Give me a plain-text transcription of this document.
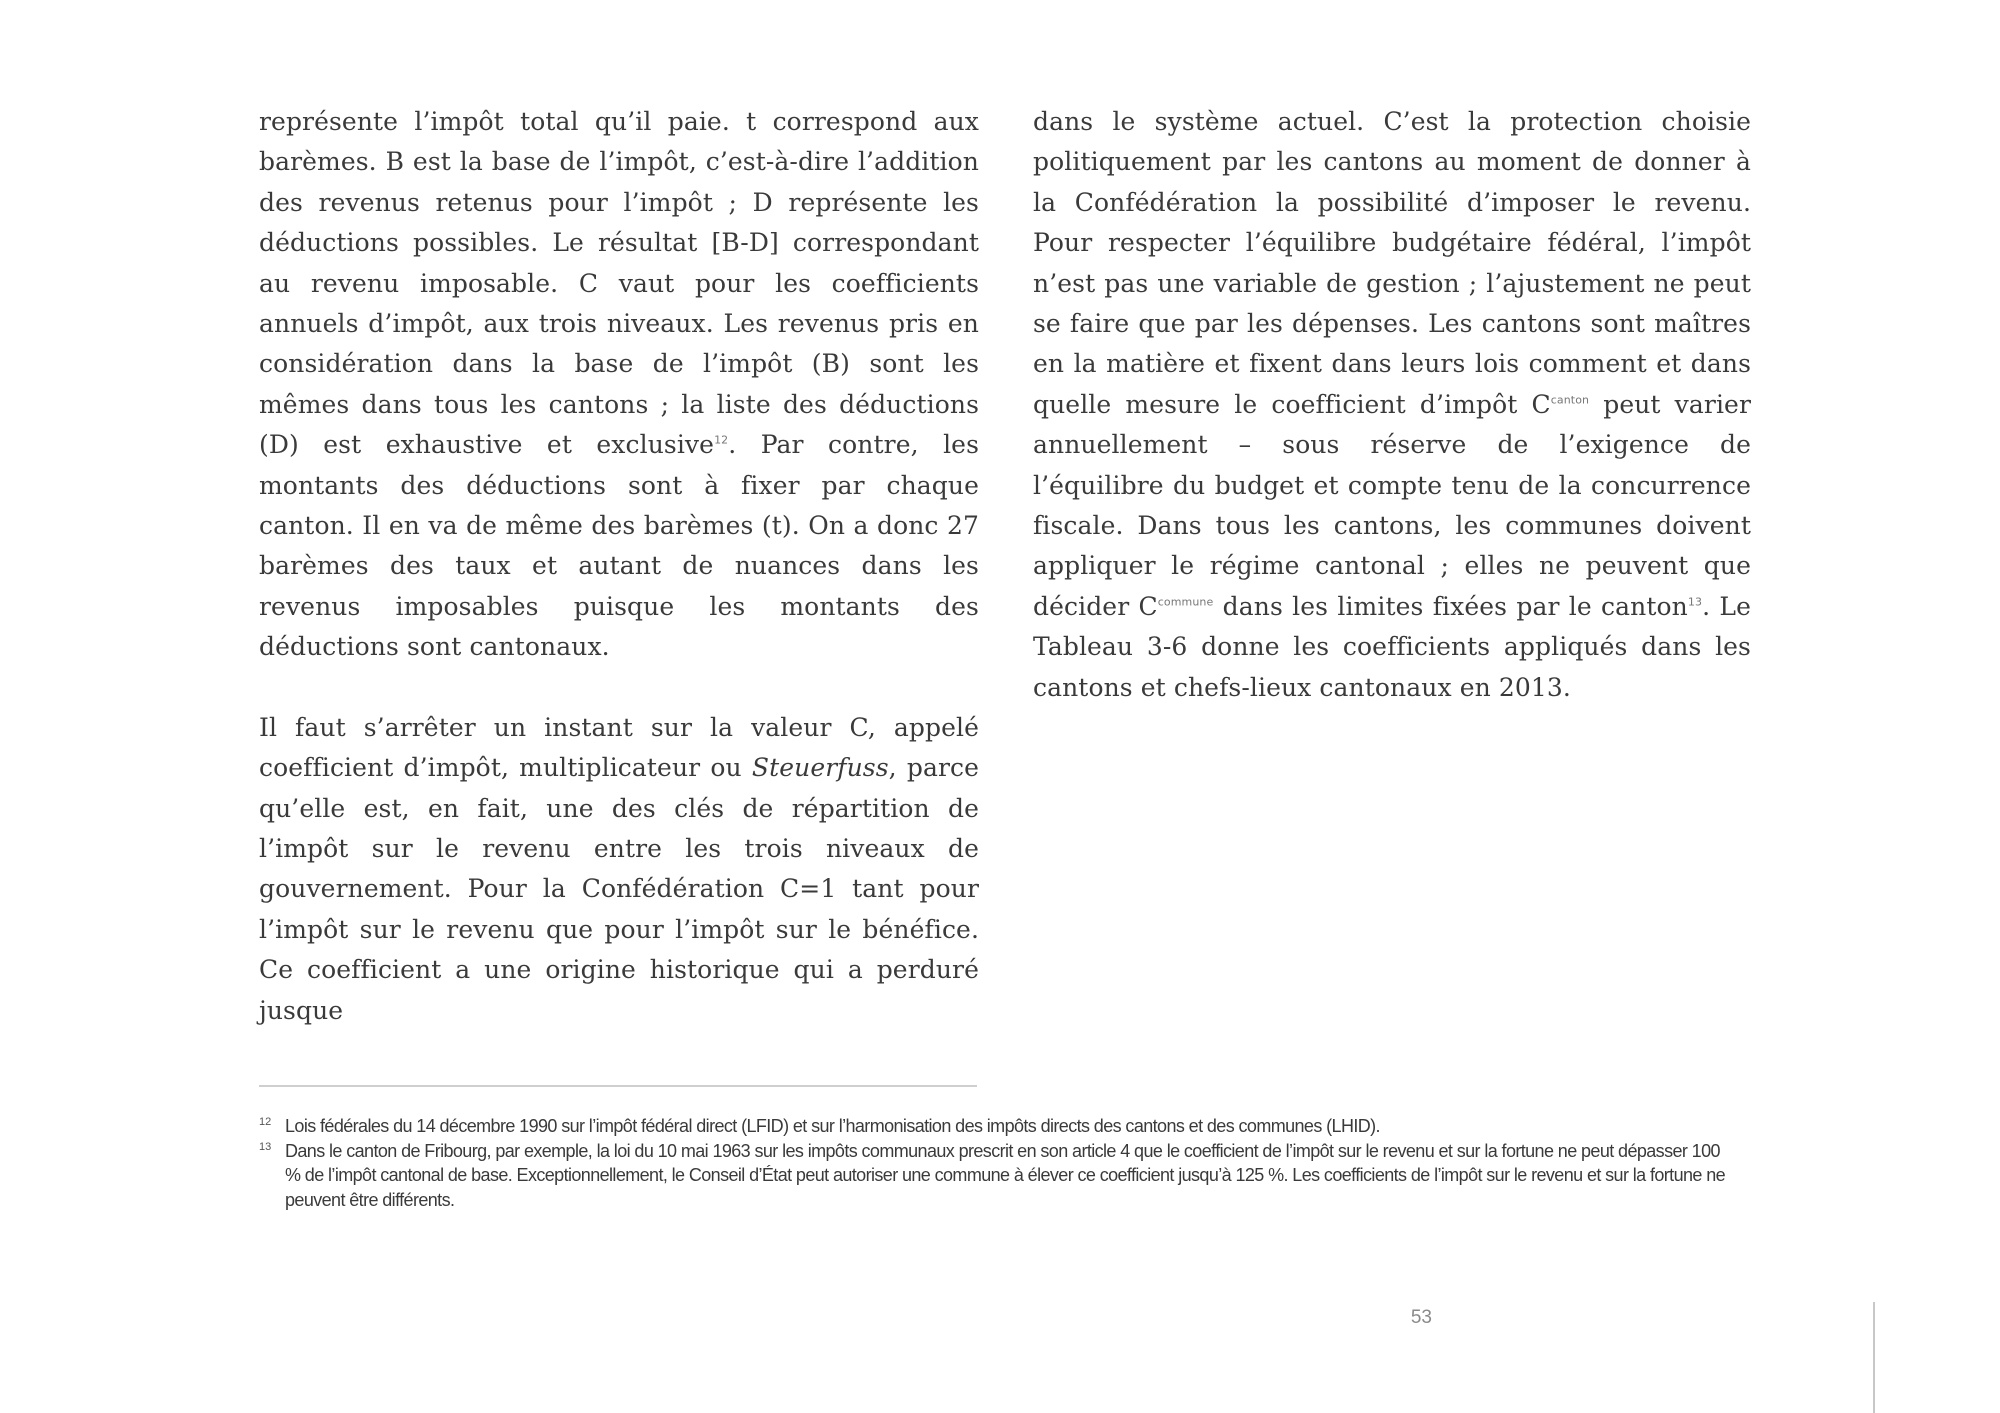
représente l’impôt total qu’il paie. t correspond aux barèmes. B est la base de l’impôt, c’est-à-dire l’addition des revenus retenus pour l’impôt ; D représente les déductions possibles. Le résultat [B-D] correspondant au revenu imposable. C vaut pour les coefficients annuels d’impôt, aux trois niveaux. Les revenus pris en considération dans la base de l’impôt (B) sont les mêmes dans tous les cantons ; la liste des déductions (D) est exhaustive et exclusive$^{12}$. Par contre, les montants des déductions sont à fixer par chaque canton. Il en va de même des barèmes (t). On a donc 27 barèmes des taux et autant de nuances dans les revenus imposables puisque les montants des déductions sont cantonaux.

Il faut s’arrêter un instant sur la valeur C, appelé coefficient d’impôt, multiplicateur ou Steuerfuss, parce qu’elle est, en fait, une des clés de répartition de l’impôt sur le revenu entre les trois niveaux de gouvernement. Pour la Confédération C=1 tant pour l’impôt sur le revenu que pour l’impôt sur le bénéfice. Ce coefficient a une origine historique qui a perduré jusque

dans le système actuel. C’est la protection choisie politiquement par les cantons au moment de donner à la Confédération la possibilité d’imposer le revenu. Pour respecter l’équilibre budgétaire fédéral, l’impôt n’est pas une variable de gestion ; l’ajustement ne peut se faire que par les dépenses. Les cantons sont maîtres en la matière et fixent dans leurs lois comment et dans quelle mesure le coefficient d’impôt $C^{canton}$ peut varier annuellement – sous réserve de l’exigence de l’équilibre du budget et compte tenu de la concurrence fiscale. Dans tous les cantons, les communes doivent appliquer le régime cantonal ; elles ne peuvent que décider $C^{commune}$ dans les limites fixées par le canton$^{13}$. Le Tableau 3-6 donne les coefficients appliqués dans les cantons et chefs-lieux cantonaux en 2013.

12 Lois fédérales du 14 décembre 1990 sur l’impôt fédéral direct (LFID) et sur l’harmonisation des impôts directs des cantons et des communes (LHID).
13 Dans le canton de Fribourg, par exemple, la loi du 10 mai 1963 sur les impôts communaux prescrit en son article 4 que le coefficient de l’impôt sur le revenu et sur la fortune ne peut dépasser 100 % de l’impôt cantonal de base. Exceptionnellement, le Conseil d’État peut autoriser une commune à élever ce coefficient jusqu’à 125 %. Les coefficients de l’impôt sur le revenu et sur la fortune ne peuvent être différents.
53
